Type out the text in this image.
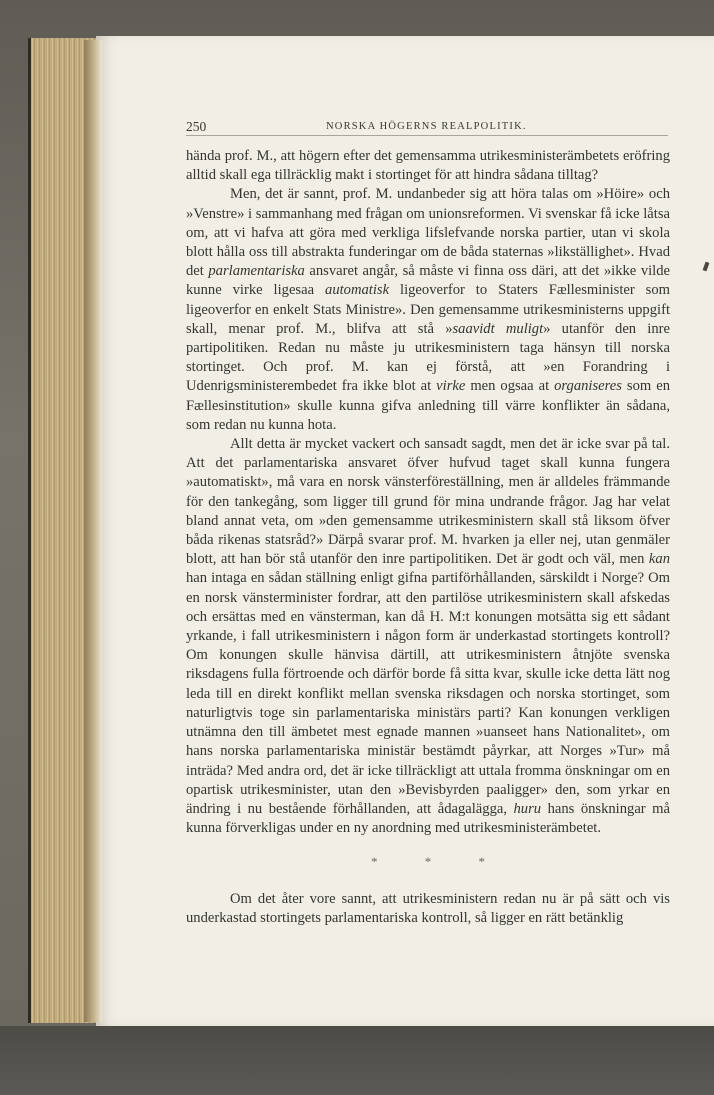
250	NORSKA HÖGERNS REALPOLITIK.

hända prof. M., att högern efter det gemensamma utrikesministerämbetets eröfring alltid skall ega tillräcklig makt i stortinget för att hindra sådana tilltag?

Men, det är sannt, prof. M. undanbeder sig att höra talas om »Höire» och »Venstre» i sammanhang med frågan om unionsreformen. Vi svenskar få icke låtsa om, att vi hafva att göra med verkliga lifslefvande norska partier, utan vi skola blott hålla oss till abstrakta funderingar om de båda staternas »likställighet». Hvad det parlamentariska ansvaret angår, så måste vi finna oss däri, att det »ikke vilde kunne virke ligesaa automatisk ligeoverfor to Staters Fællesminister som ligeoverfor en enkelt Stats Ministre». Den gemensamme utrikesministerns uppgift skall, menar prof. M., blifva att stå »saavidt muligt» utanför den inre partipolitiken. Redan nu måste ju utrikesministern taga hänsyn till norska stortinget. Och prof. M. kan ej förstå, att »en Forandring i Udenrigsministerembedet fra ikke blot at virke men ogsaa at organiseres som en Fællesinstitution» skulle kunna gifva anledning till värre konflikter än sådana, som redan nu kunna hota.

Allt detta är mycket vackert och sansadt sagdt, men det är icke svar på tal. Att det parlamentariska ansvaret öfver hufvud taget skall kunna fungera »automatiskt», må vara en norsk vänsterföreställning, men är alldeles främmande för den tankegång, som ligger till grund för mina undrande frågor. Jag har velat bland annat veta, om »den gemensamme utrikesministern skall stå liksom öfver båda rikenas statsråd?» Därpå svarar prof. M. hvarken ja eller nej, utan genmäler blott, att han bör stå utanför den inre partipolitiken. Det är godt och väl, men kan han intaga en sådan ställning enligt gifna partiförhållanden, särskildt i Norge? Om en norsk vänsterminister fordrar, att den partilöse utrikesministern skall afskedas och ersättas med en vänsterman, kan då H. M:t konungen motsätta sig ett sådant yrkande, i fall utrikesministern i någon form är underkastad stortingets kontroll? Om konungen skulle hänvisa därtill, att utrikesministern åtnjöte svenska riksdagens fulla förtroende och därför borde få sitta kvar, skulle icke detta lätt nog leda till en direkt konflikt mellan svenska riksdagen och norska stortinget, som naturligtvis toge sin parlamentariska ministärs parti? Kan konungen verkligen utnämna den till ämbetet mest egnade mannen »uanseet hans Nationalitet», om hans norska parlamentariska ministär bestämdt påyrkar, att Norges »Tur» må inträda? Med andra ord, det är icke tillräckligt att uttala fromma önskningar om en opartisk utrikesminister, utan den »Bevisbyrden paaligger» den, som yrkar en ändring i nu bestående förhållanden, att ådagalägga, huru hans önskningar må kunna förverkligas under en ny anordning med utrikesministerämbetet.

* * *

Om det åter vore sannt, att utrikesministern redan nu är på sätt och vis underkastad stortingets parlamentariska kontroll, så ligger en rätt betänklig
